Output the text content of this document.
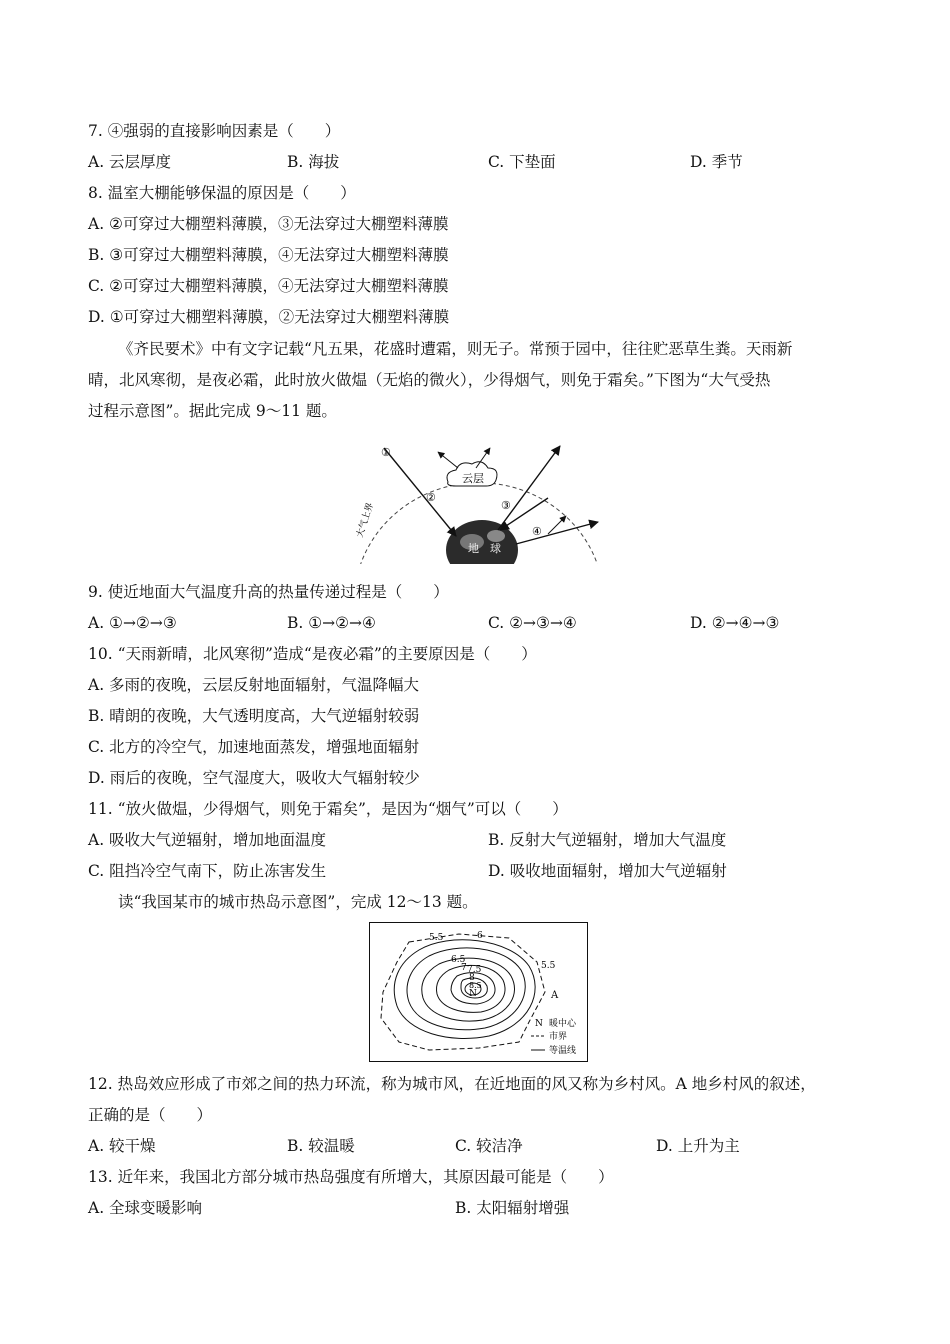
7. ④强弱的直接影响因素是（　　）
A. 云层厚度	B. 海拔	C. 下垫面	D. 季节
8. 温室大棚能够保温的原因是（　　）
A. ②可穿过大棚塑料薄膜，③无法穿过大棚塑料薄膜
B. ③可穿过大棚塑料薄膜，④无法穿过大棚塑料薄膜
C. ②可穿过大棚塑料薄膜，④无法穿过大棚塑料薄膜
D. ①可穿过大棚塑料薄膜，②无法穿过大棚塑料薄膜
《齐民要术》中有文字记载“凡五果，花盛时遭霜，则无子。常预于园中，往往贮恶草生粪。天雨新
晴，北风寒彻，是夜必霜，此时放火做煴（无焰的微火），少得烟气，则免于霜矣。”下图为“大气受热
过程示意图”。据此完成 9～11 题。
①
②
③
④
云层
大气上界
地　球
9. 使近地面大气温度升高的热量传递过程是（　　）
A. ①→②→③	B. ①→②→④	C. ②→③→④	D. ②→④→③
10. “天雨新晴，北风寒彻”造成“是夜必霜”的主要原因是（　　）
A. 多雨的夜晚，云层反射地面辐射，气温降幅大
B. 晴朗的夜晚，大气透明度高，大气逆辐射较弱
C. 北方的冷空气，加速地面蒸发，增强地面辐射
D. 雨后的夜晚，空气湿度大，吸收大气辐射较少
11. “放火做煴，少得烟气，则免于霜矣”，是因为“烟气”可以（　　）
A. 吸收大气逆辐射，增加地面温度	B. 反射大气逆辐射，增加大气温度
C. 阻挡冷空气南下，防止冻害发生	D. 吸收地面辐射，增加大气逆辐射
读“我国某市的城市热岛示意图”，完成 12～13 题。
5.5	6
6.5
7 7.5
8
8.5
5.5
N	A
N 暖中心
市界
等温线
12. 热岛效应形成了市郊之间的热力环流，称为城市风，在近地面的风又称为乡村风。A 地乡村风的叙述，
正确的是（　　）
A. 较干燥	B. 较温暖	C. 较洁净	D. 上升为主
13. 近年来，我国北方部分城市热岛强度有所增大，其原因最可能是（　　）
A. 全球变暖影响	B. 太阳辐射增强
